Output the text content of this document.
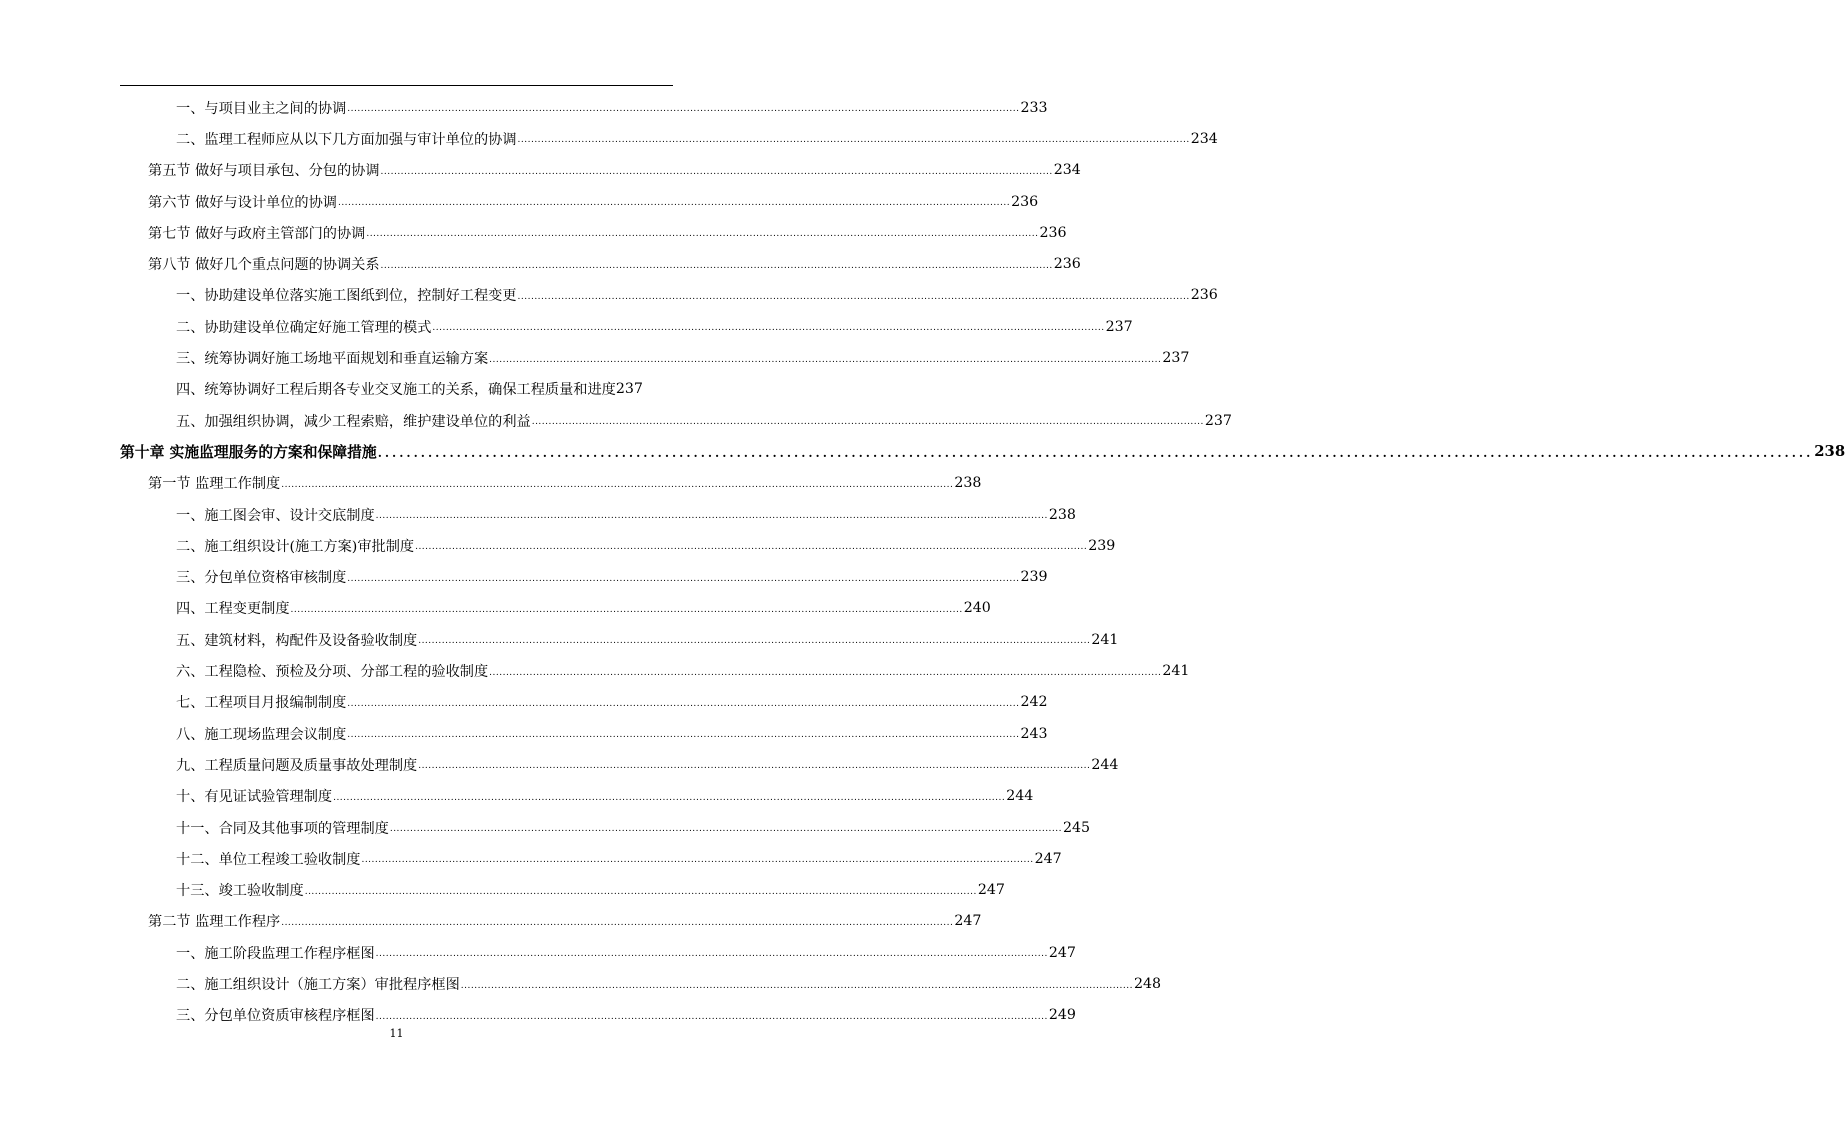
一、与项目业主之间的协调 ........................................................................................................................................................................................................ 233
二、监理工程师应从以下几方面加强与审计单位的协调 ........................................................................................................................................................................................................ 234
第五节 做好与项目承包、分包的协调 ........................................................................................................................................................................................................ 234
第六节 做好与设计单位的协调 ........................................................................................................................................................................................................ 236
第七节 做好与政府主管部门的协调 ........................................................................................................................................................................................................ 236
第八节 做好几个重点问题的协调关系 ........................................................................................................................................................................................................ 236
一、协助建设单位落实施工图纸到位，控制好工程变更 ........................................................................................................................................................................................................ 236
二、协助建设单位确定好施工管理的模式 ........................................................................................................................................................................................................ 237
三、统筹协调好施工场地平面规划和垂直运输方案 ........................................................................................................................................................................................................ 237
四、统筹协调好工程后期各专业交叉施工的关系，确保工程质量和进度 237
五、加强组织协调，减少工程索赔，维护建设单位的利益 ........................................................................................................................................................................................................ 237
第十章 实施监理服务的方案和保障措施 ........................................................................................................................................................................................................ 238
第一节 监理工作制度 ........................................................................................................................................................................................................ 238
一、施工图会审、设计交底制度 ........................................................................................................................................................................................................ 238
二、施工组织设计(施工方案)审批制度 ........................................................................................................................................................................................................ 239
三、分包单位资格审核制度 ........................................................................................................................................................................................................ 239
四、工程变更制度 ........................................................................................................................................................................................................ 240
五、建筑材料，构配件及设备验收制度 ........................................................................................................................................................................................................ 241
六、工程隐检、预检及分项、分部工程的验收制度 ........................................................................................................................................................................................................ 241
七、工程项目月报编制制度 ........................................................................................................................................................................................................ 242
八、施工现场监理会议制度 ........................................................................................................................................................................................................ 243
九、工程质量问题及质量事故处理制度 ........................................................................................................................................................................................................ 244
十、有见证试验管理制度 ........................................................................................................................................................................................................ 244
十一、合同及其他事项的管理制度 ........................................................................................................................................................................................................ 245
十二、单位工程竣工验收制度 ........................................................................................................................................................................................................ 247
十三、竣工验收制度 ........................................................................................................................................................................................................ 247
第二节 监理工作程序 ........................................................................................................................................................................................................ 247
一、施工阶段监理工作程序框图 ........................................................................................................................................................................................................ 247
二、施工组织设计（施工方案）审批程序框图 ........................................................................................................................................................................................................ 248
三、分包单位资质审核程序框图 ........................................................................................................................................................................................................ 249
11
